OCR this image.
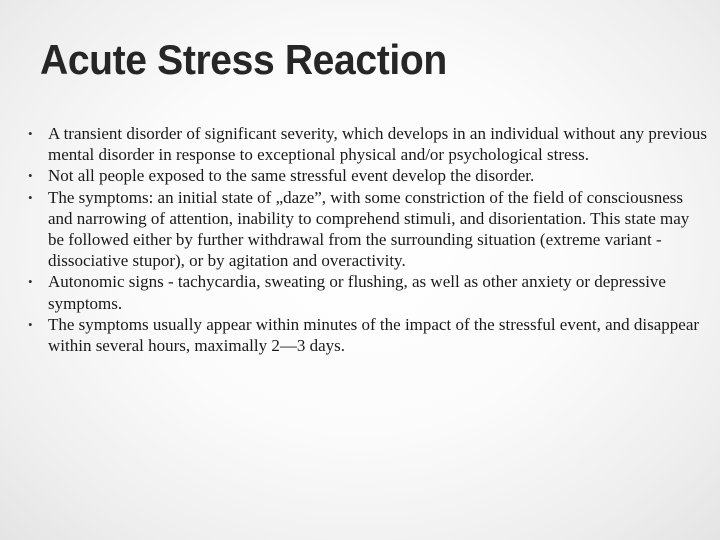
Acute Stress Reaction
• A transient disorder of significant severity, which develops in an individual without any previous mental disorder in response to exceptional physical and/or psychological stress.
• Not all people exposed to the same stressful event develop the disorder.
• The symptoms: an initial state of „daze”, with some constriction of the field of consciousness and narrowing of attention, inability to comprehend stimuli, and disorientation. This state may be followed either by further withdrawal from the surrounding situation (extreme variant - dissociative stupor), or by agitation and overactivity.
• Autonomic signs - tachycardia, sweating or flushing, as well as other anxiety or depressive symptoms.
• The symptoms usually appear within minutes of the impact of the stressful event, and disappear within several hours, maximally 2—3 days.
